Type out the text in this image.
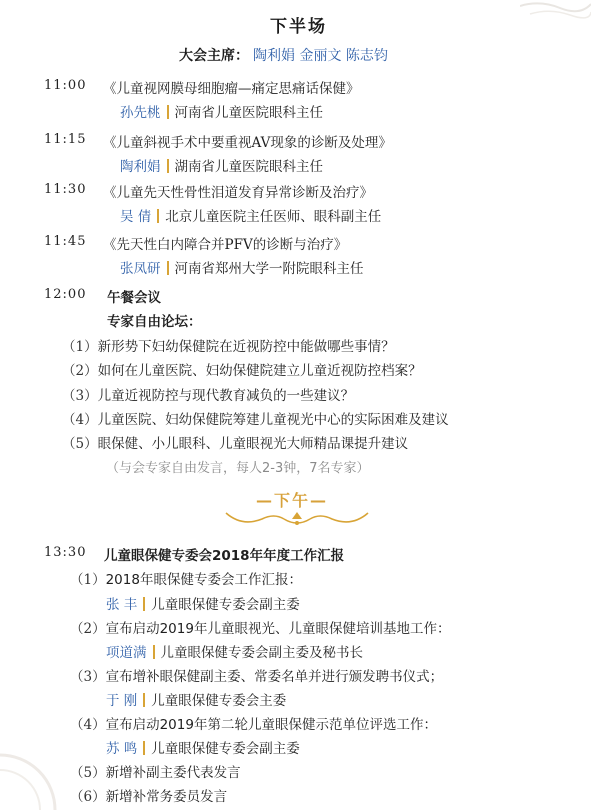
下半场
大会主席： 陶利娟 金丽文 陈志钧
11:00 《儿童视网膜母细胞瘤—痛定思痛话保健》
孙先桃 河南省儿童医院眼科主任
11:15 《儿童斜视手术中要重视AV现象的诊断及处理》
陶利娟 湖南省儿童医院眼科主任
11:30 《儿童先天性骨性泪道发育异常诊断及治疗》
吴 倩 北京儿童医院主任医师、眼科副主任
11:45 《先天性白内障合并PFV的诊断与治疗》
张凤研 河南省郑州大学一附院眼科主任
12:00 午餐会议
专家自由论坛：
（1）新形势下妇幼保健院在近视防控中能做哪些事情？
（2）如何在儿童医院、妇幼保健院建立儿童近视防控档案？
（3）儿童近视防控与现代教育减负的一些建议？
（4）儿童医院、妇幼保健院筹建儿童视光中心的实际困难及建议
（5）眼保健、小儿眼科、儿童眼视光大师精品课提升建议
（与会专家自由发言，每人2-3钟，7名专家）
—下午—
13:30 儿童眼保健专委会2018年年度工作汇报
（1）2018年眼保健专委会工作汇报：
张 丰 儿童眼保健专委会副主委
（2）宣布启动2019年儿童眼视光、儿童眼保健培训基地工作：
项道满 儿童眼保健专委会副主委及秘书长
（3）宣布增补眼保健副主委、常委名单并进行颁发聘书仪式；
于 刚 儿童眼保健专委会主委
（4）宣布启动2019年第二轮儿童眼保健示范单位评选工作：
苏 鸣 儿童眼保健专委会副主委
（5）新增补副主委代表发言
（6）新增补常务委员发言
